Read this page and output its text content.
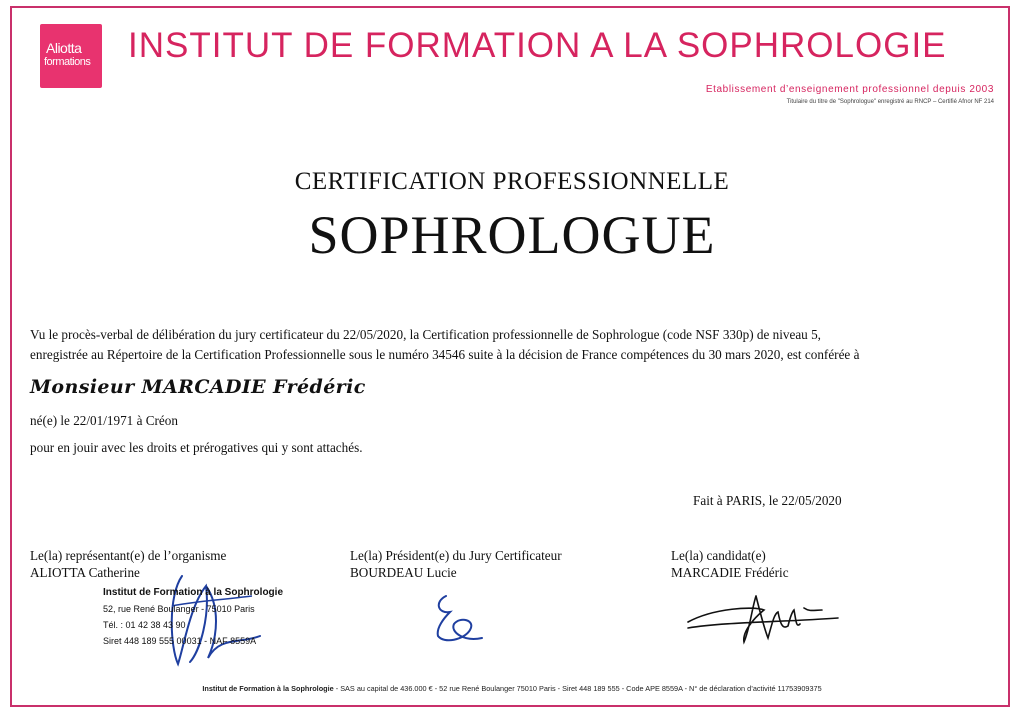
Aliotta
formations INSTITUT DE FORMATION A LA SOPHROLOGIE
Etablissement d’enseignement professionnel depuis 2003
Titulaire du titre de "Sophrologue" enregistré au RNCP – Certifié Afnor NF 214
CERTIFICATION PROFESSIONNELLE
SOPHROLOGUE
Vu le procès-verbal de délibération du jury certificateur du 22/05/2020, la Certification professionnelle de Sophrologue (code NSF 330p) de niveau 5,
enregistrée au Répertoire de la Certification Professionnelle sous le numéro 34546 suite à la décision de France compétences du 30 mars 2020, est conférée à
Monsieur MARCADIE Frédéric
né(e) le 22/01/1971 à Créon
pour en jouir avec les droits et prérogatives qui y sont attachés.
Fait à PARIS, le 22/05/2020
Le(la) représentant(e) de l’organisme
ALIOTTA Catherine
Le(la) Président(e) du Jury Certificateur
BOURDEAU Lucie
Le(la) candidat(e)
MARCADIE Frédéric
Institut de Formation à la Sophrologie
52, rue René Boulanger - 75010 Paris
Tél. : 01 42 38 43 90
Siret 448 189 555 00031 - NAF 8559A
Institut de Formation à la Sophrologie - SAS au capital de 436.000 € - 52 rue René Boulanger 75010 Paris - Siret 448 189 555 - Code APE 8559A - N° de déclaration d’activité 11753909375
